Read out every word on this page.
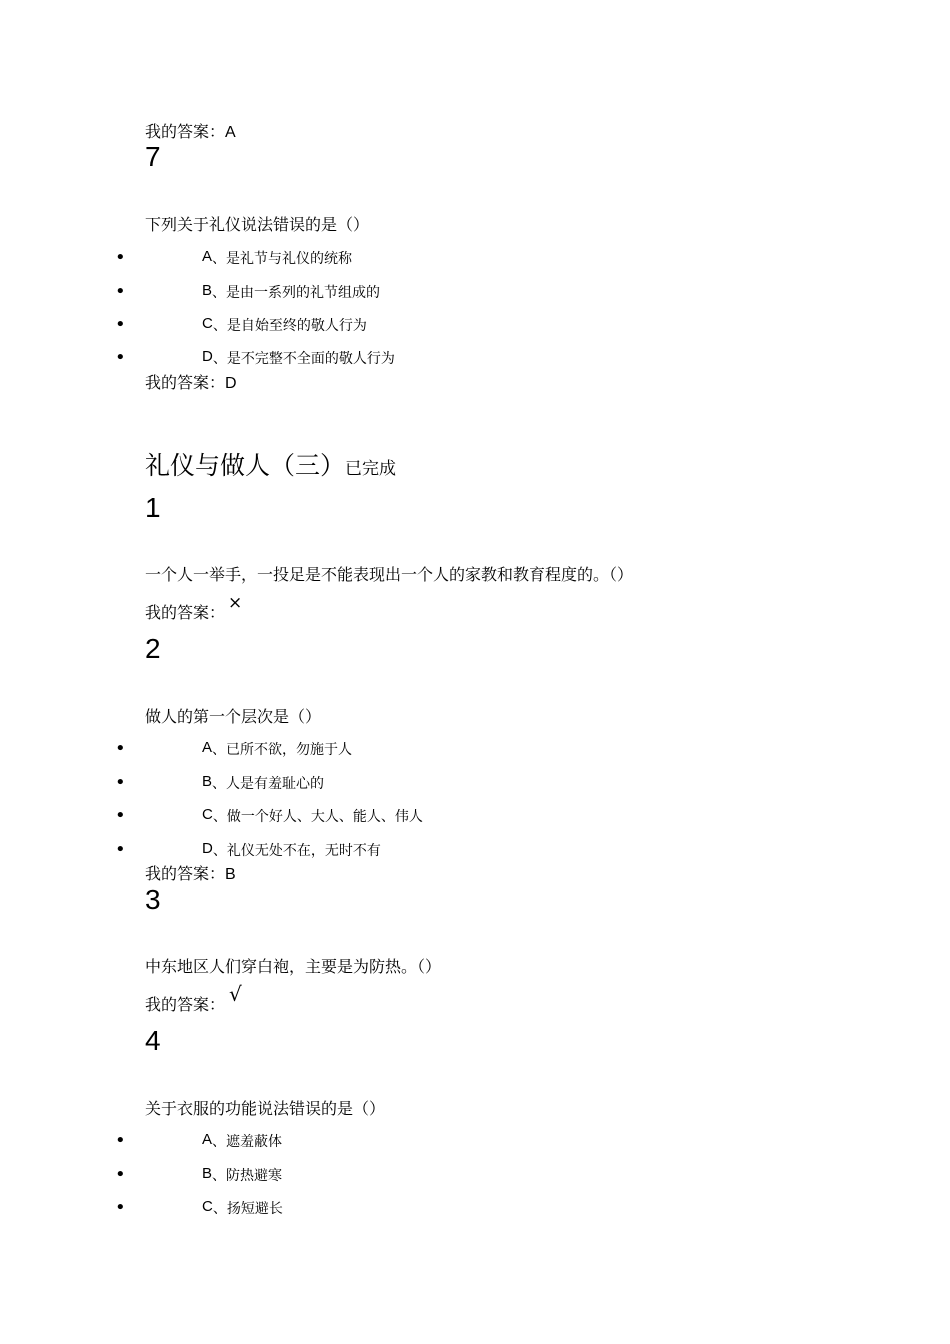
我的答案：A
7
下列关于礼仪说法错误的是（）
•	A、是礼节与礼仪的统称
•	B、是由一系列的礼节组成的
•	C、是自始至终的敬人行为
•	D、是不完整不全面的敬人行为
我的答案：D
礼仪与做人（三）已完成
1
一个人一举手，一投足是不能表现出一个人的家教和教育程度的。（）
我的答案： ×
2
做人的第一个层次是（）
•	A、已所不欲，勿施于人
•	B、人是有羞耻心的
•	C、做一个好人、大人、能人、伟人
•	D、礼仪无处不在，无时不有
我的答案：B
3
中东地区人们穿白袍，主要是为防热。（）
我的答案： √
4
关于衣服的功能说法错误的是（）
•	A、遮羞蔽体
•	B、防热避寒
•	C、扬短避长
